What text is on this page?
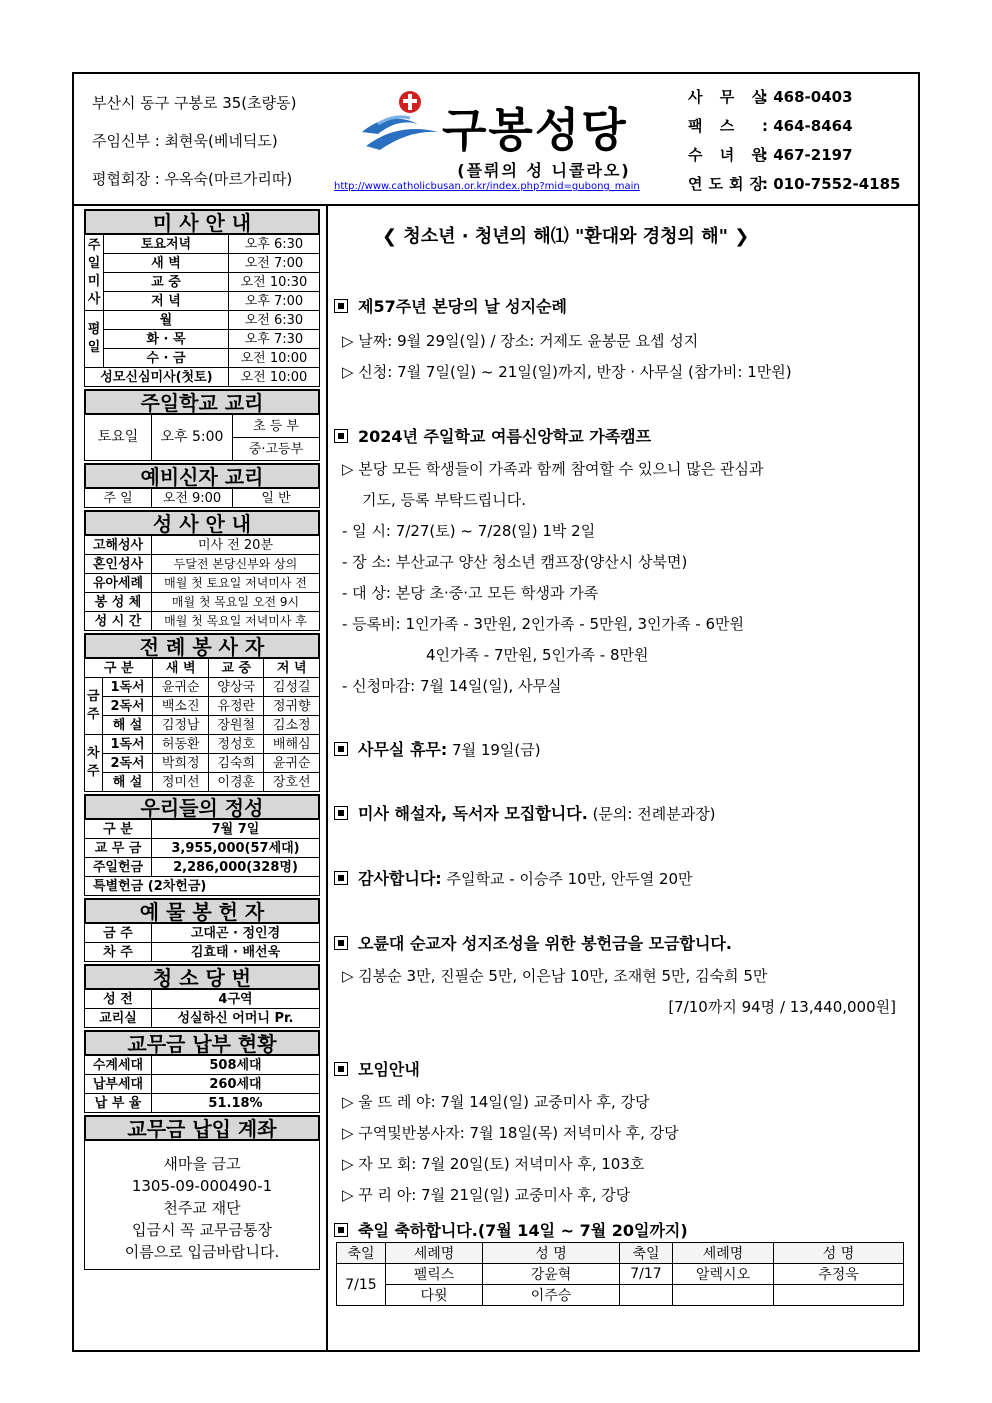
부산시 동구 구봉로 35(초량동)
주임신부 : 최현욱(베네딕도)
평협회장 : 우옥숙(마르가리따)
구봉성당
(플뤼의 성 니콜라오)
http://www.catholicbusan.or.kr/index.php?mid=gubong_main
사 무 실: 468-0403
팩 스 : 464-8464
수 녀 원: 467-2197
연도회장: 010-7552-4185
미 사 안 내
주
일
미
사	토요저녁	오후 6:30
	새 벽	오전 7:00
	교 중	오전 10:30
	저 녁	오후 7:00
평
일	월	오전 6:30
	화 · 목	오후 7:30
	수 · 금	오전 10:00
성모신심미사(첫토)		오전 10:00
주일학교 교리
토요일	오후 5:00	초 등 부
중·고등부
예비신자 교리
주 일	오전 9:00	일 반
성 사 안 내
고해성사	미사 전 20분
혼인성사	두달전 본당신부와 상의
유아세례	매월 첫 토요일 저녁미사 전
봉 성 체	매월 첫 목요일 오전 9시
성 시 간	매월 첫 목요일 저녁미사 후
전 례 봉 사 자
구 분		새 벽	교 중	저 녁
금
주	1독서	윤귀순	양상국	김성길
	2독서	백소진	유정란	정귀향
	해 설	김정남	장원철	김소정
차
주	1독서	허동환	정성호	배해심
	2독서	박희정	김숙희	윤귀순
	해 설	정미선	이경훈	장호선
우리들의 정성
구 분	7월 7일
교 무 금	3,955,000(57세대)
주일헌금	2,286,000(328명)
특별헌금 (2차헌금)	
예 물 봉 헌 자
금 주	고대곤 · 정인경
차 주	김효태 · 배선욱
청 소 당 번
성 전	4구역
교리실	성실하신 어머니 Pr.
교무금 납부 현황
수계세대	508세대
납부세대	260세대
납 부 율	51.18%
교무금 납입 계좌
새마을 금고
1305-09-000490-1
천주교 재단
입금시 꼭 교무금통장
이름으로 입금바랍니다.
❮ 청소년 · 청년의 해⑴ "환대와 경청의 해" ❯
제57주년 본당의 날 성지순례
▷ 날짜: 9월 29일(일) / 장소: 거제도 윤봉문 요셉 성지
▷ 신청: 7월 7일(일) ~ 21일(일)까지, 반장 · 사무실 (참가비: 1만원)
2024년 주일학교 여름신앙학교 가족캠프
▷ 본당 모든 학생들이 가족과 함께 참여할 수 있으니 많은 관심과
기도, 등록 부탁드립니다.
- 일 시: 7/27(토) ~ 7/28(일) 1박 2일
- 장 소: 부산교구 양산 청소년 캠프장(양산시 상북면)
- 대 상: 본당 초·중·고 모든 학생과 가족
- 등록비: 1인가족 - 3만원, 2인가족 - 5만원, 3인가족 - 6만원
4인가족 - 7만원, 5인가족 - 8만원
- 신청마감: 7월 14일(일), 사무실
사무실 휴무: 7월 19일(금)
미사 해설자, 독서자 모집합니다. (문의: 전례분과장)
감사합니다: 주일학교 - 이승주 10만, 안두열 20만
오륜대 순교자 성지조성을 위한 봉헌금을 모금합니다.
▷ 김봉순 3만, 진필순 5만, 이은남 10만, 조재현 5만, 김숙희 5만
[7/10까지 94명 / 13,440,000원]
모임안내
▷ 울 뜨 레 야: 7월 14일(일) 교중미사 후, 강당
▷ 구역및반봉사자: 7월 18일(목) 저녁미사 후, 강당
▷ 자 모 회: 7월 20일(토) 저녁미사 후, 103호
▷ 꾸 리 아: 7월 21일(일) 교중미사 후, 강당
축일 축하합니다.(7월 14일 ~ 7월 20일까지)
축일	세례명	성 명	축일	세례명	성 명
7/15	펠릭스	강윤혁	7/17	알렉시오	추정욱
	다윗	이주승			
